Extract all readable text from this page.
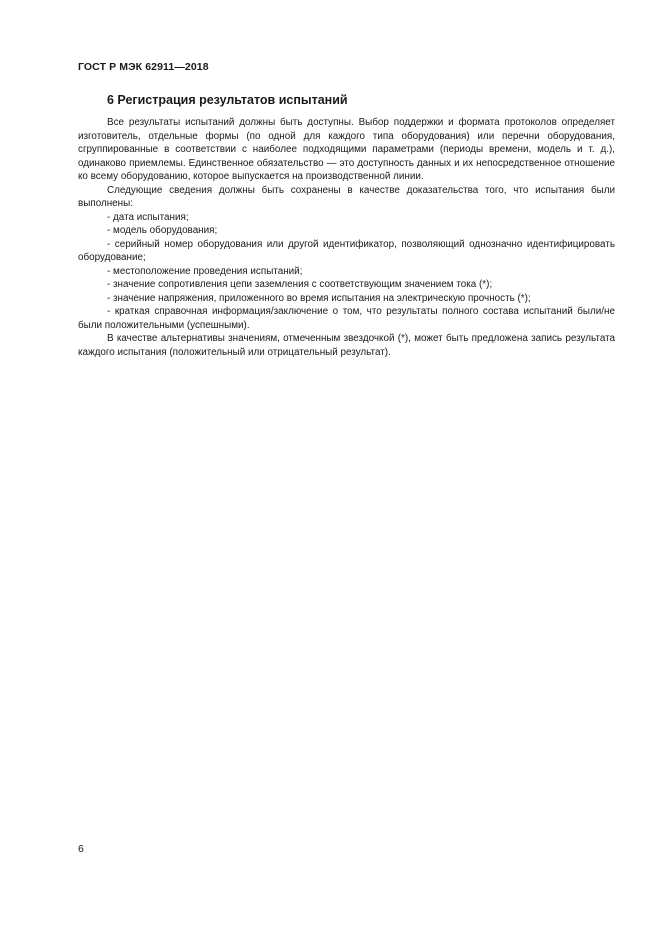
ГОСТ Р МЭК 62911—2018
6 Регистрация результатов испытаний

Все результаты испытаний должны быть доступны. Выбор поддержки и формата протоколов определяет изготовитель, отдельные формы (по одной для каждого типа оборудования) или перечни оборудования, сгруппированные в соответствии с наиболее подходящими параметрами (периоды времени, модель и т. д.), одинаково приемлемы. Единственное обязательство — это доступность данных и их непосредственное отношение ко всему оборудованию, которое выпускается на производственной линии.

Следующие сведения должны быть сохранены в качестве доказательства того, что испытания были выполнены:

- дата испытания;

- модель оборудования;

- серийный номер оборудования или другой идентификатор, позволяющий однозначно идентифицировать оборудование;

- местоположение проведения испытаний;

- значение сопротивления цепи заземления с соответствующим значением тока (*);

- значение напряжения, приложенного во время испытания на электрическую прочность (*);

- краткая справочная информация/заключение о том, что результаты полного состава испытаний были/не были положительными (успешными).

В качестве альтернативы значениям, отмеченным звездочкой (*), может быть предложена запись результата каждого испытания (положительный или отрицательный результат).

6
